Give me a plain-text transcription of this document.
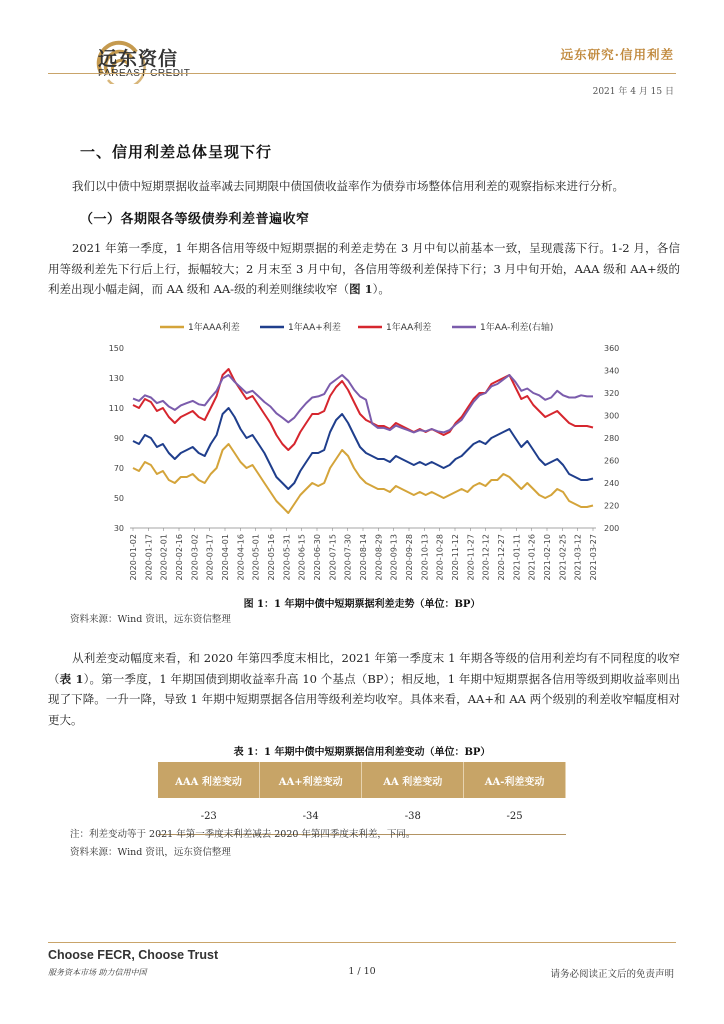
远东资信	远东研究·信用利差
2021 年 4 月 15 日
一、信用利差总体呈现下行
我们以中债中短期票据收益率减去同期限中债国债收益率作为债券市场整体信用利差的观察指标来进行分析。
（一）各期限各等级债券利差普遍收窄
2021 年第一季度，1 年期各信用等级中短期票据的利差走势在 3 月中旬以前基本一致，呈现震荡下行。1-2 月，各信用等级利差先下行后上行，振幅较大；2 月末至 3 月中旬，各信用等级利差保持下行；3 月中旬开始，AAA 级和 AA+级的利差出现小幅走阔，而 AA 级和 AA-级的利差则继续收窄（图 1）。
1年AAA利差	1年AA+利差	1年AA利差	1年AA-利差(右轴)
150
130
110
90
70
50
30
360
340
320
300
280
260
240
220
200
2020-01-02 2020-01-17 2020-02-01 2020-02-16 2020-03-02 2020-03-17 2020-04-01 2020-04-16 2020-05-01 2020-05-16 2020-05-31 2020-06-15 2020-06-30 2020-07-15 2020-07-30 2020-08-14 2020-08-29 2020-09-13 2020-09-28 2020-10-13 2020-10-28 2020-11-12 2020-11-27 2020-12-12 2020-12-27 2021-01-11 2021-01-26 2021-02-10 2021-02-25 2021-03-12 2021-03-27
图 1：1 年期中债中短期票据利差走势（单位：BP）
资料来源：Wind 资讯，远东资信整理
从利差变动幅度来看，和 2020 年第四季度末相比，2021 年第一季度末 1 年期各等级的信用利差均有不同程度的收窄（表 1）。第一季度，1 年期国债到期收益率升高 10 个基点（BP）；相反地，1 年期中短期票据各信用等级到期收益率则出现了下降。一升一降，导致 1 年期中短期票据各信用等级利差均收窄。具体来看，AA+和 AA 两个级别的利差收窄幅度相对更大。
表 1：1 年期中债中短期票据信用利差变动（单位：BP）
AAA 利差变动	AA+利差变动	AA 利差变动	AA-利差变动
-23	-34	-38	-25
注：利差变动等于 2021 年第一季度末利差减去 2020 年第四季度末利差，下同。
资料来源：Wind 资讯，远东资信整理
Choose FECR, Choose Trust
服务资本市场 助力信用中国	1 / 10	请务必阅读正文后的免责声明
